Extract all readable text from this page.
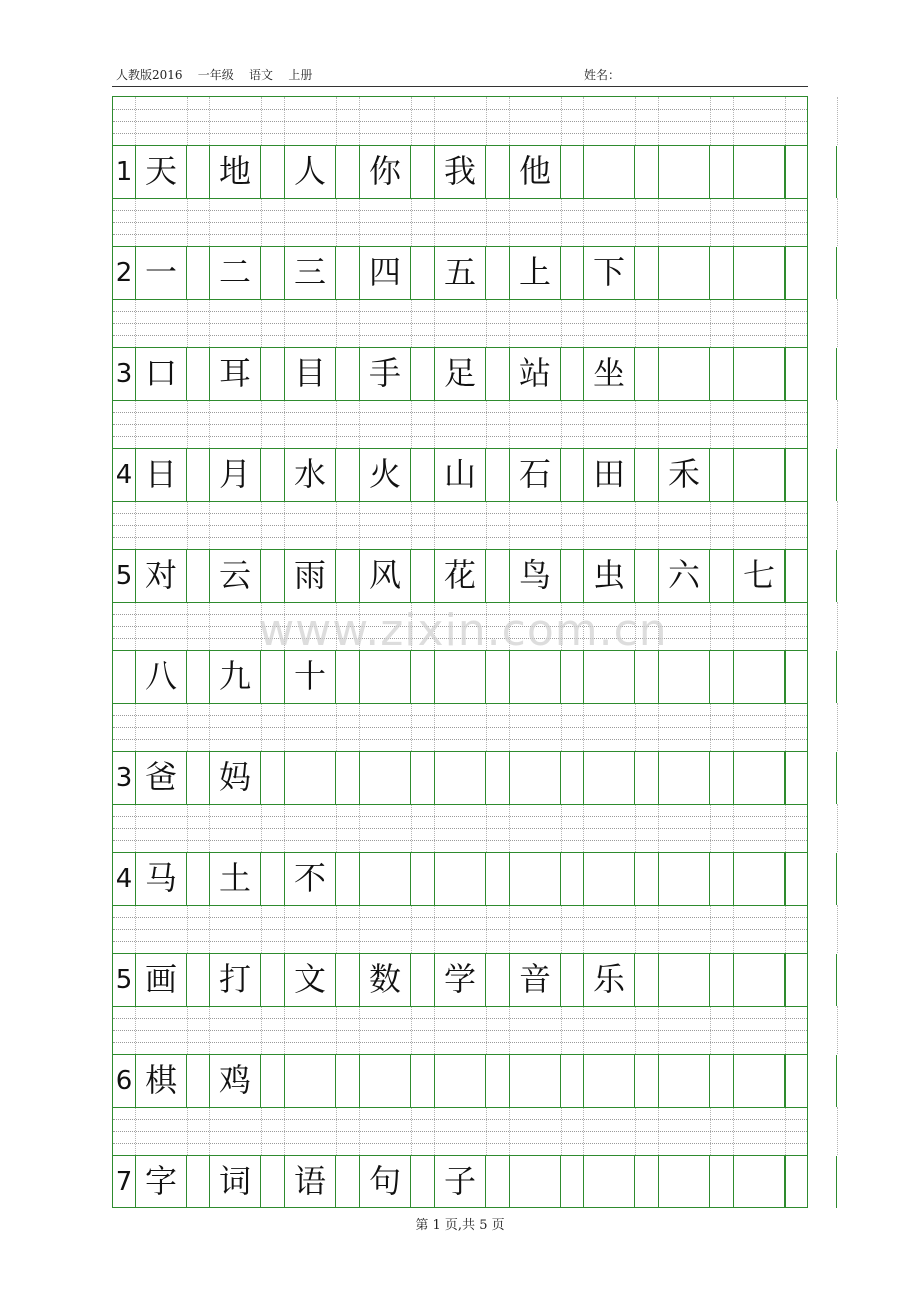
人教版2016    一年级    语文    上册	姓名：
1 天	地	人	你	我	他
2 一	二	三	四	五	上	下
3 口	耳	目	手	足	站	坐
4 日	月	水	火	山	石	田	禾
5 对	云	雨	风	花	鸟	虫	六	七
八	九	十
3 爸	妈
4 马	土	不
5 画	打	文	数	学	音	乐
6 棋	鸡
7 字	词	语	句	子
www.zixin.com.cn
第 1 页,共 5 页
